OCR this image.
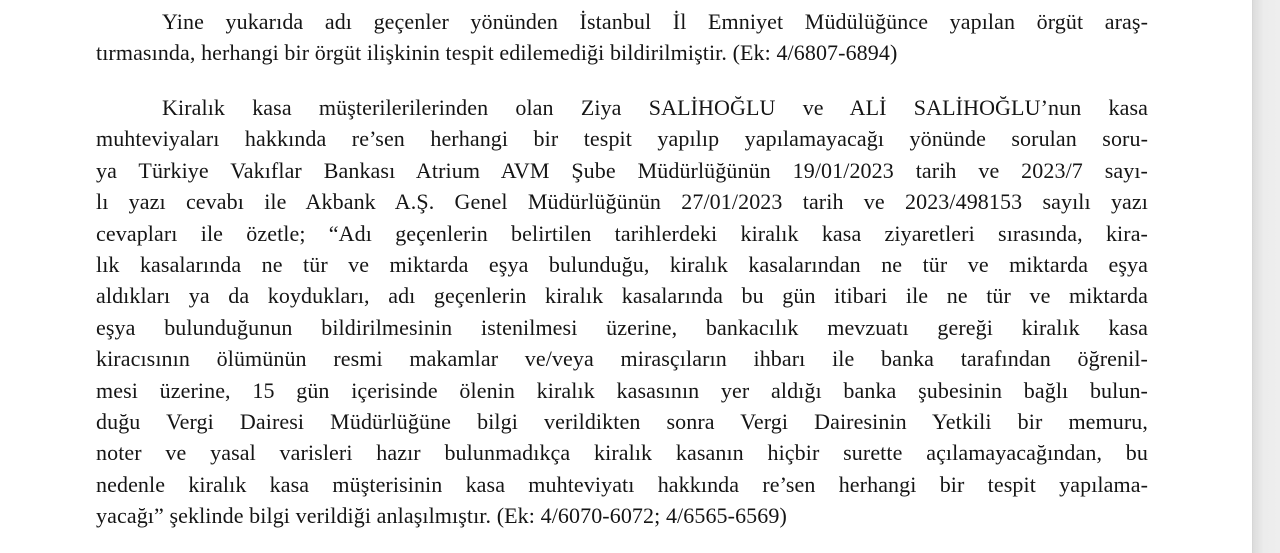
Yine yukarıda adı geçenler yönünden İstanbul İl Emniyet Müdülüğünce yapılan örgüt araş-
tırmasında, herhangi bir örgüt ilişkinin tespit edilemediği bildirilmiştir. (Ek: 4/6807-6894)
Kiralık kasa müşterilerilerinden olan Ziya SALİHOĞLU ve ALİ SALİHOĞLU’nun kasa
muhteviyaları hakkında re’sen herhangi bir tespit yapılıp yapılamayacağı yönünde sorulan soru-
ya Türkiye Vakıflar Bankası Atrium AVM Şube Müdürlüğünün 19/01/2023 tarih ve 2023/7 sayı-
lı yazı cevabı ile Akbank A.Ş. Genel Müdürlüğünün 27/01/2023 tarih ve 2023/498153 sayılı yazı
cevapları ile özetle; “Adı geçenlerin belirtilen tarihlerdeki kiralık kasa ziyaretleri sırasında, kira-
lık kasalarında ne tür ve miktarda eşya bulunduğu, kiralık kasalarından ne tür ve miktarda eşya
aldıkları ya da koydukları, adı geçenlerin kiralık kasalarında bu gün itibari ile ne tür ve miktarda
eşya bulunduğunun bildirilmesinin istenilmesi üzerine, bankacılık mevzuatı gereği kiralık kasa
kiracısının ölümünün resmi makamlar ve/veya mirasçıların ihbarı ile banka tarafından öğrenil-
mesi üzerine, 15 gün içerisinde ölenin kiralık kasasının yer aldığı banka şubesinin bağlı bulun-
duğu Vergi Dairesi Müdürlüğüne bilgi verildikten sonra Vergi Dairesinin Yetkili bir memuru,
noter ve yasal varisleri hazır bulunmadıkça kiralık kasanın hiçbir surette açılamayacağından, bu
nedenle kiralık kasa müşterisinin kasa muhteviyatı hakkında re’sen herhangi bir tespit yapılama-
yacağı” şeklinde bilgi verildiği anlaşılmıştır. (Ek: 4/6070-6072; 4/6565-6569)
